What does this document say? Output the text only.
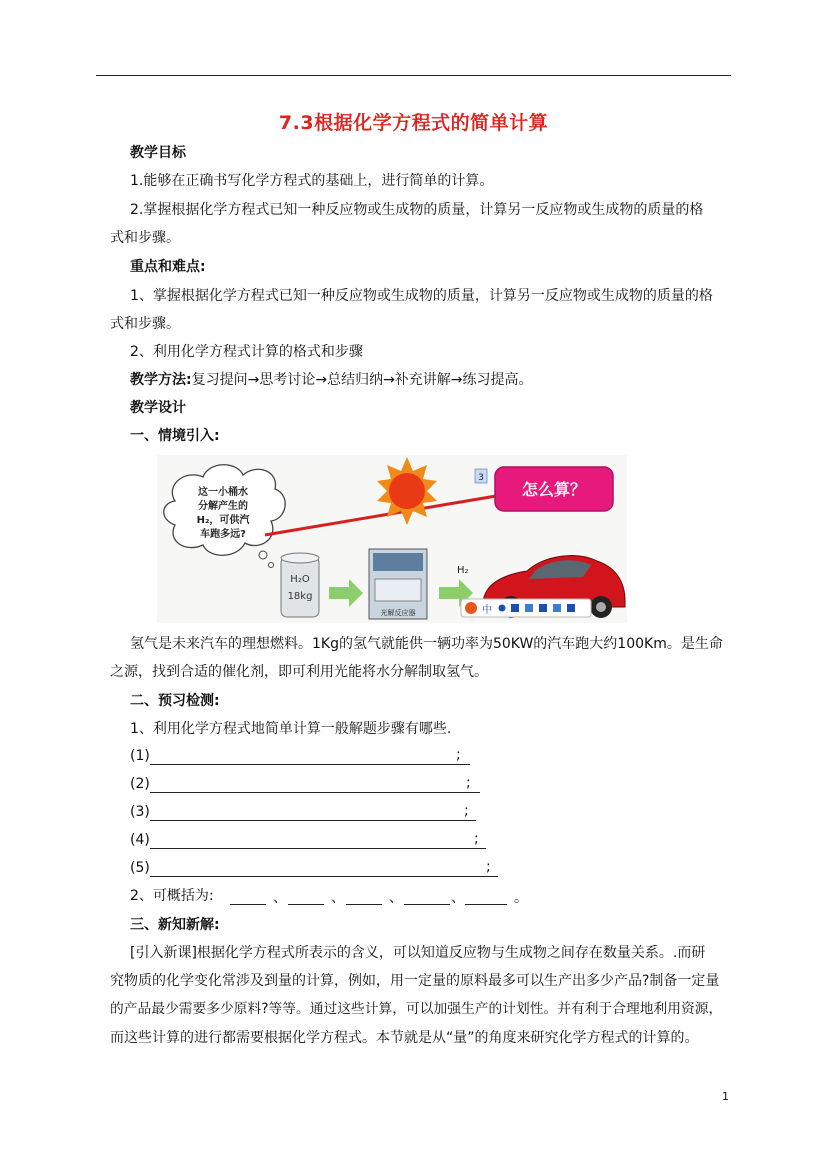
7.3根据化学方程式的简单计算
教学目标
1.能够在正确书写化学方程式的基础上，进行简单的计算。
2.掌握根据化学方程式已知一种反应物或生成物的质量，计算另一反应物或生成物的质量的格
式和步骤。
重点和难点:
1、掌握根据化学方程式已知一种反应物或生成物的质量，计算另一反应物或生成物的质量的格
式和步骤。
2、利用化学方程式计算的格式和步骤
教学方法:复习提问→思考讨论→总结归纳→补充讲解→练习提高。
教学设计
一、情境引入:
这一小桶水
分解产生的
H₂，可供汽
车跑多远?
3
怎么算？
H₂O
18kg
光解反应器
H₂
中
氢气是未来汽车的理想燃料。1Kg的氢气就能供一辆功率为50KW的汽车跑大约100Km。是生命
之源，找到合适的催化剂，即可利用光能将水分解制取氢气。
二、预习检测:
1、利用化学方程式地简单计算一般解题步骤有哪些.
(1)	;
(2)	;
(3)	;
(4)	;
(5)	;
2、可概括为:	、	、	、	、	。
三、新知新解:
[引入新课]根据化学方程式所表示的含义，可以知道反应物与生成物之间存在数量关系。.而研
究物质的化学变化常涉及到量的计算，例如，用一定量的原料最多可以生产出多少产品?制备一定量
的产品最少需要多少原料?等等。通过这些计算，可以加强生产的计划性。并有利于合理地利用资源，
而这些计算的进行都需要根据化学方程式。本节就是从“量”的角度来研究化学方程式的计算的。
1
